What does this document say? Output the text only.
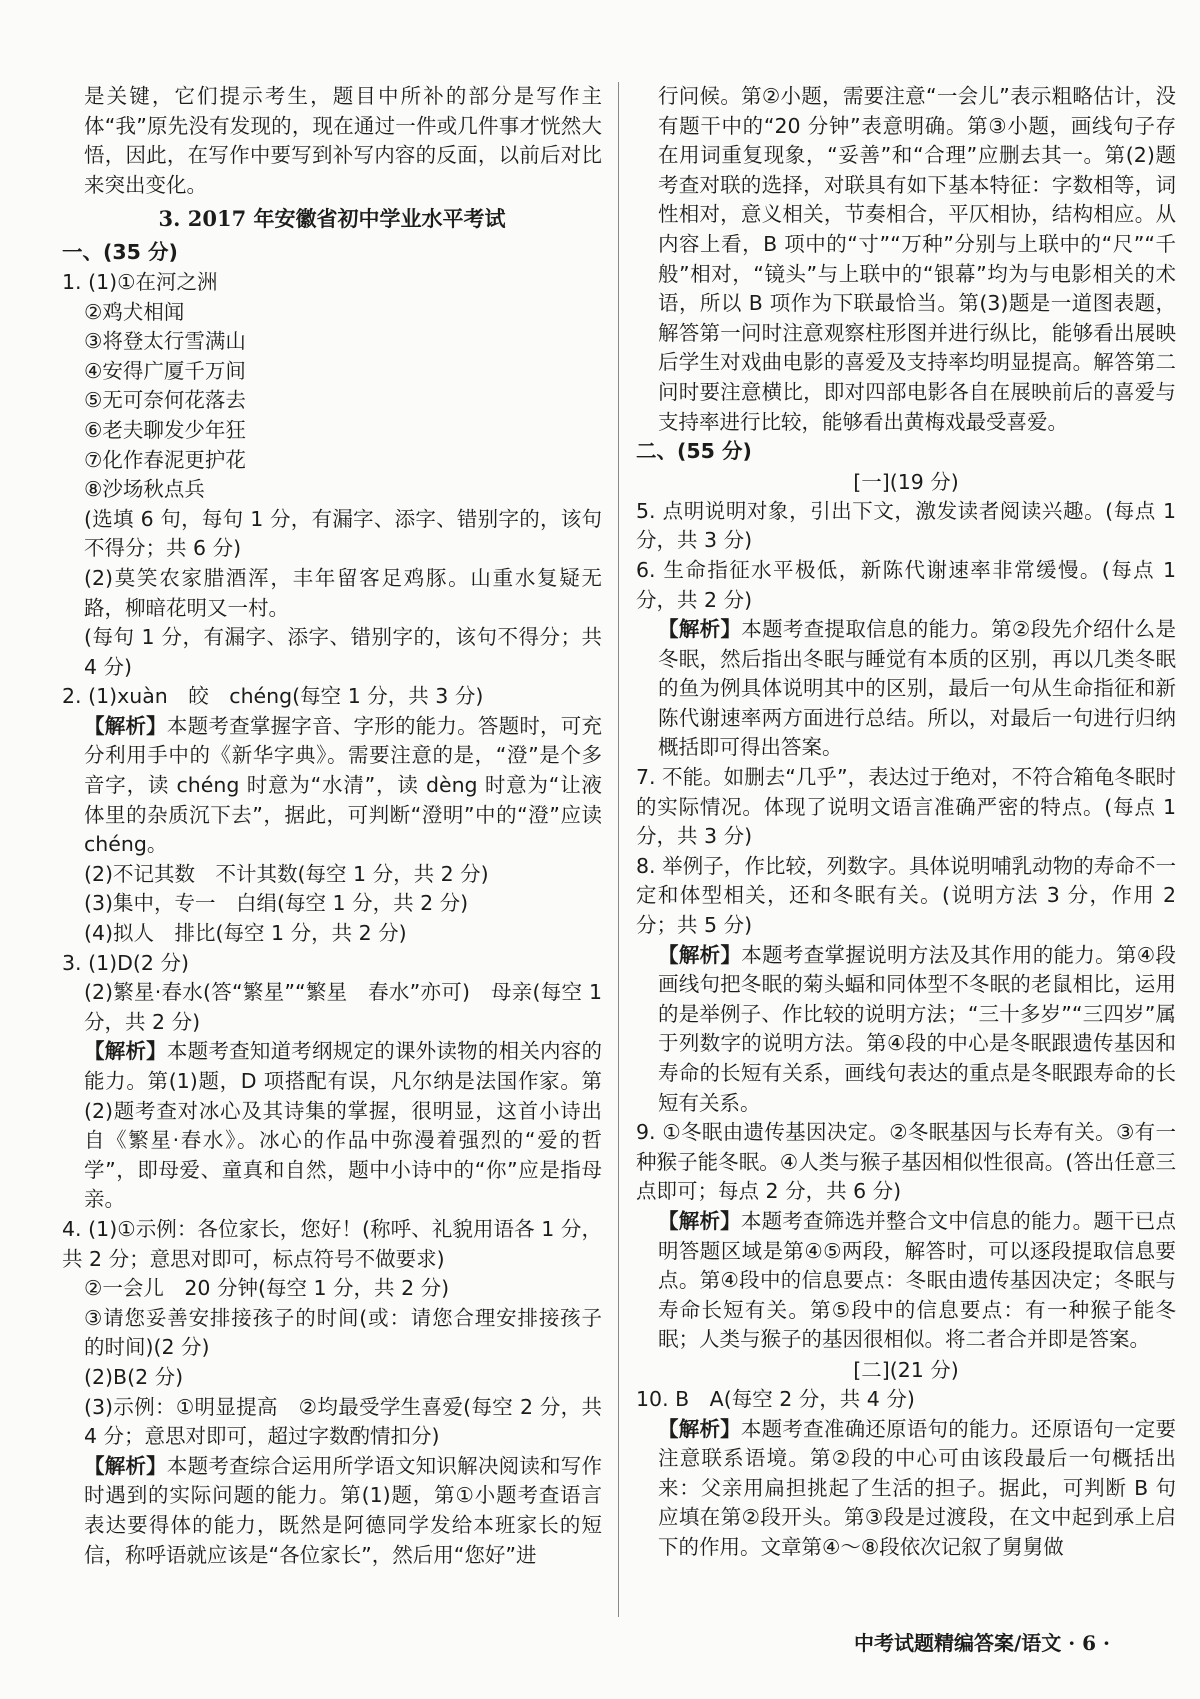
是关键，它们提示考生，题目中所补的部分是写作主体“我”原先没有发现的，现在通过一件或几件事才恍然大悟，因此，在写作中要写到补写内容的反面，以前后对比来突出变化。
3. 2017 年安徽省初中学业水平考试
一、(35 分)
1. (1)①在河之洲
②鸡犬相闻
③将登太行雪满山
④安得广厦千万间
⑤无可奈何花落去
⑥老夫聊发少年狂
⑦化作春泥更护花
⑧沙场秋点兵
(选填 6 句，每句 1 分，有漏字、添字、错别字的，该句不得分；共 6 分)
(2)莫笑农家腊酒浑，丰年留客足鸡豚。山重水复疑无路，柳暗花明又一村。
(每句 1 分，有漏字、添字、错别字的，该句不得分；共 4 分)
2. (1)xuàn　皎　chéng(每空 1 分，共 3 分)
【解析】本题考查掌握字音、字形的能力。答题时，可充分利用手中的《新华字典》。需要注意的是，“澄”是个多音字，读 chéng 时意为“水清”，读 dèng 时意为“让液体里的杂质沉下去”，据此，可判断“澄明”中的“澄”应读 chéng。
(2)不记其数　不计其数(每空 1 分，共 2 分)
(3)集中，专一　白绢(每空 1 分，共 2 分)
(4)拟人　排比(每空 1 分，共 2 分)
3. (1)D(2 分)
(2)繁星·春水(答“繁星”“繁星　春水”亦可)　母亲(每空 1 分，共 2 分)
【解析】本题考查知道考纲规定的课外读物的相关内容的能力。第(1)题，D 项搭配有误，凡尔纳是法国作家。第(2)题考查对冰心及其诗集的掌握，很明显，这首小诗出自《繁星·春水》。冰心的作品中弥漫着强烈的“爱的哲学”，即母爱、童真和自然，题中小诗中的“你”应是指母亲。
4. (1)①示例：各位家长，您好！(称呼、礼貌用语各 1 分，共 2 分；意思对即可，标点符号不做要求)
②一会儿　20 分钟(每空 1 分，共 2 分)
③请您妥善安排接孩子的时间(或：请您合理安排接孩子的时间)(2 分)
(2)B(2 分)
(3)示例：①明显提高　②均最受学生喜爱(每空 2 分，共 4 分；意思对即可，超过字数酌情扣分)
【解析】本题考查综合运用所学语文知识解决阅读和写作时遇到的实际问题的能力。第(1)题，第①小题考查语言表达要得体的能力，既然是阿德同学发给本班家长的短信，称呼语就应该是“各位家长”，然后用“您好”进
行问候。第②小题，需要注意“一会儿”表示粗略估计，没有题干中的“20 分钟”表意明确。第③小题，画线句子存在用词重复现象，“妥善”和“合理”应删去其一。第(2)题考查对联的选择，对联具有如下基本特征：字数相等，词性相对，意义相关，节奏相合，平仄相协，结构相应。从内容上看，B 项中的“寸”“万种”分别与上联中的“尺”“千般”相对，“镜头”与上联中的“银幕”均为与电影相关的术语，所以 B 项作为下联最恰当。第(3)题是一道图表题，解答第一问时注意观察柱形图并进行纵比，能够看出展映后学生对戏曲电影的喜爱及支持率均明显提高。解答第二问时要注意横比，即对四部电影各自在展映前后的喜爱与支持率进行比较，能够看出黄梅戏最受喜爱。
二、(55 分)
[一](19 分)
5. 点明说明对象，引出下文，激发读者阅读兴趣。(每点 1 分，共 3 分)
6. 生命指征水平极低，新陈代谢速率非常缓慢。(每点 1 分，共 2 分)
【解析】本题考查提取信息的能力。第②段先介绍什么是冬眠，然后指出冬眠与睡觉有本质的区别，再以几类冬眠的鱼为例具体说明其中的区别，最后一句从生命指征和新陈代谢速率两方面进行总结。所以，对最后一句进行归纳概括即可得出答案。
7. 不能。如删去“几乎”，表达过于绝对，不符合箱龟冬眠时的实际情况。体现了说明文语言准确严密的特点。(每点 1 分，共 3 分)
8. 举例子，作比较，列数字。具体说明哺乳动物的寿命不一定和体型相关，还和冬眠有关。(说明方法 3 分，作用 2 分；共 5 分)
【解析】本题考查掌握说明方法及其作用的能力。第④段画线句把冬眠的菊头蝠和同体型不冬眠的老鼠相比，运用的是举例子、作比较的说明方法；“三十多岁”“三四岁”属于列数字的说明方法。第④段的中心是冬眠跟遗传基因和寿命的长短有关系，画线句表达的重点是冬眠跟寿命的长短有关系。
9. ①冬眠由遗传基因决定。②冬眠基因与长寿有关。③有一种猴子能冬眠。④人类与猴子基因相似性很高。(答出任意三点即可；每点 2 分，共 6 分)
【解析】本题考查筛选并整合文中信息的能力。题干已点明答题区域是第④⑤两段，解答时，可以逐段提取信息要点。第④段中的信息要点：冬眠由遗传基因决定；冬眠与寿命长短有关。第⑤段中的信息要点：有一种猴子能冬眠；人类与猴子的基因很相似。将二者合并即是答案。
[二](21 分)
10. B　A(每空 2 分，共 4 分)
【解析】本题考查准确还原语句的能力。还原语句一定要注意联系语境。第②段的中心可由该段最后一句概括出来：父亲用扁担挑起了生活的担子。据此，可判断 B 句应填在第②段开头。第③段是过渡段，在文中起到承上启下的作用。文章第④～⑧段依次记叙了舅舅做
中考试题精编答案/语文 · 6 ·
